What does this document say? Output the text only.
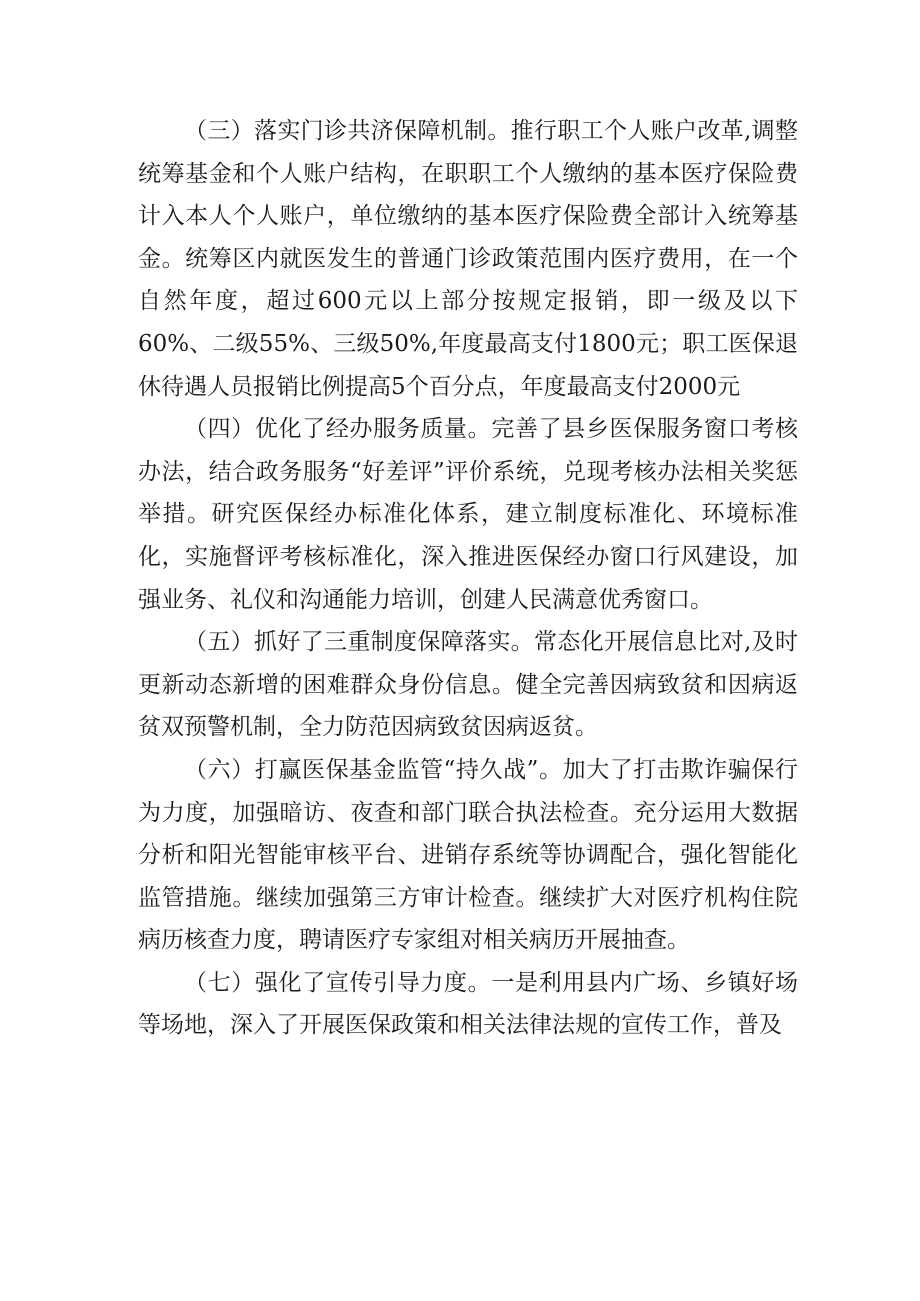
（三）落实门诊共济保障机制。推行职工个人账户改革,调整统筹基金和个人账户结构，在职职工个人缴纳的基本医疗保险费计入本人个人账户，单位缴纳的基本医疗保险费全部计入统筹基金。统筹区内就医发生的普通门诊政策范围内医疗费用，在一个自然年度，超过600元以上部分按规定报销，即一级及以下60%、二级55%、三级50%,年度最高支付1800元；职工医保退休待遇人员报销比例提高5个百分点，年度最高支付2000元

（四）优化了经办服务质量。完善了县乡医保服务窗口考核办法，结合政务服务“好差评”评价系统，兑现考核办法相关奖惩举措。研究医保经办标准化体系，建立制度标准化、环境标准化，实施督评考核标准化，深入推进医保经办窗口行风建设，加强业务、礼仪和沟通能力培训，创建人民满意优秀窗口。

（五）抓好了三重制度保障落实。常态化开展信息比对,及时更新动态新增的困难群众身份信息。健全完善因病致贫和因病返贫双预警机制，全力防范因病致贫因病返贫。

（六）打赢医保基金监管“持久战”。加大了打击欺诈骗保行为力度，加强暗访、夜查和部门联合执法检查。充分运用大数据分析和阳光智能审核平台、进销存系统等协调配合，强化智能化监管措施。继续加强第三方审计检查。继续扩大对医疗机构住院病历核查力度，聘请医疗专家组对相关病历开展抽查。

（七）强化了宣传引导力度。一是利用县内广场、乡镇好场等场地，深入了开展医保政策和相关法律法规的宣传工作，普及
